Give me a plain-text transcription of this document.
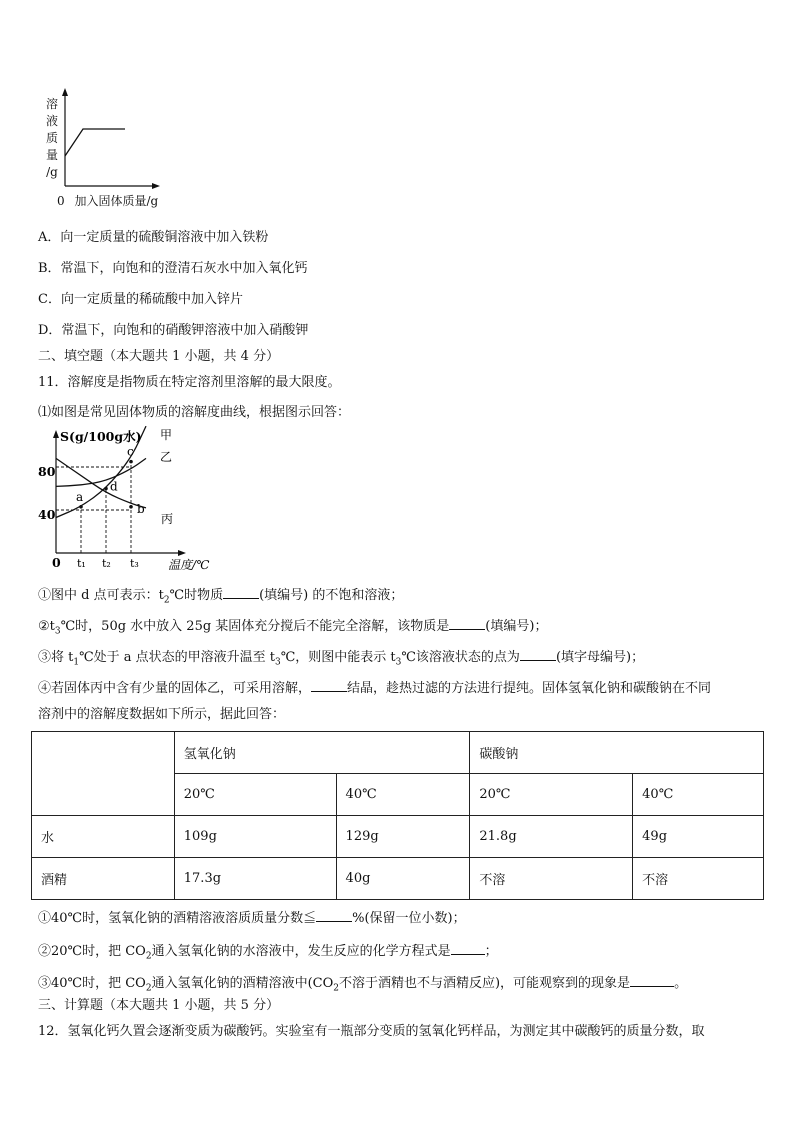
溶
液
质
量
/g
0 加入固体质量/g
A．向一定质量的硫酸铜溶液中加入铁粉
B．常温下，向饱和的澄清石灰水中加入氧化钙
C．向一定质量的稀硫酸中加入锌片
D．常温下，向饱和的硝酸钾溶液中加入硝酸钾
二、填空题（本大题共 1 小题，共 4 分）
11．溶解度是指物质在特定溶剂里溶解的最大限度。
⑴如图是常见固体物质的溶解度曲线，根据图示回答：
a
b
c
d
S(g/100g水)
80
40
0 t₁ t₂ t₃ 温度/℃
甲
乙
丙
①图中 d 点可表示：$t_2℃$时物质	(填编号) 的不饱和溶液；
$②t_3℃$时，50g 水中放入 25g 某固体充分搅后不能完全溶解，该物质是	(填编号)；
③将 $t_1℃$处于 a 点状态的甲溶液升温至 $t_3℃$，则图中能表示 $t_3℃$该溶液状态的点为	(填字母编号)；
④若固体丙中含有少量的固体乙，可采用溶解，	结晶，趁热过滤的方法进行提纯。固体氢氧化钠和碳酸钠在不同
溶剂中的溶解度数据如下所示，据此回答：
	氢氧化钠		碳酸钠	
	20℃	40℃	20℃	40℃
水	109g	129g	21.8g	49g
酒精	17.3g	40g	不溶	不溶
①40℃时，氢氧化钠的酒精溶液溶质质量分数≦	%(保留一位小数)；
②20℃时，把 $CO_2$通入氢氧化钠的水溶液中，发生反应的化学方程式是	；
③40℃时，把 $CO_2$通入氢氧化钠的酒精溶液中($CO_2$不溶于酒精也不与酒精反应)，可能观察到的现象是	。
三、计算题（本大题共 1 小题，共 5 分）
12．氢氧化钙久置会逐渐变质为碳酸钙。实验室有一瓶部分变质的氢氧化钙样品，为测定其中碳酸钙的质量分数，取
